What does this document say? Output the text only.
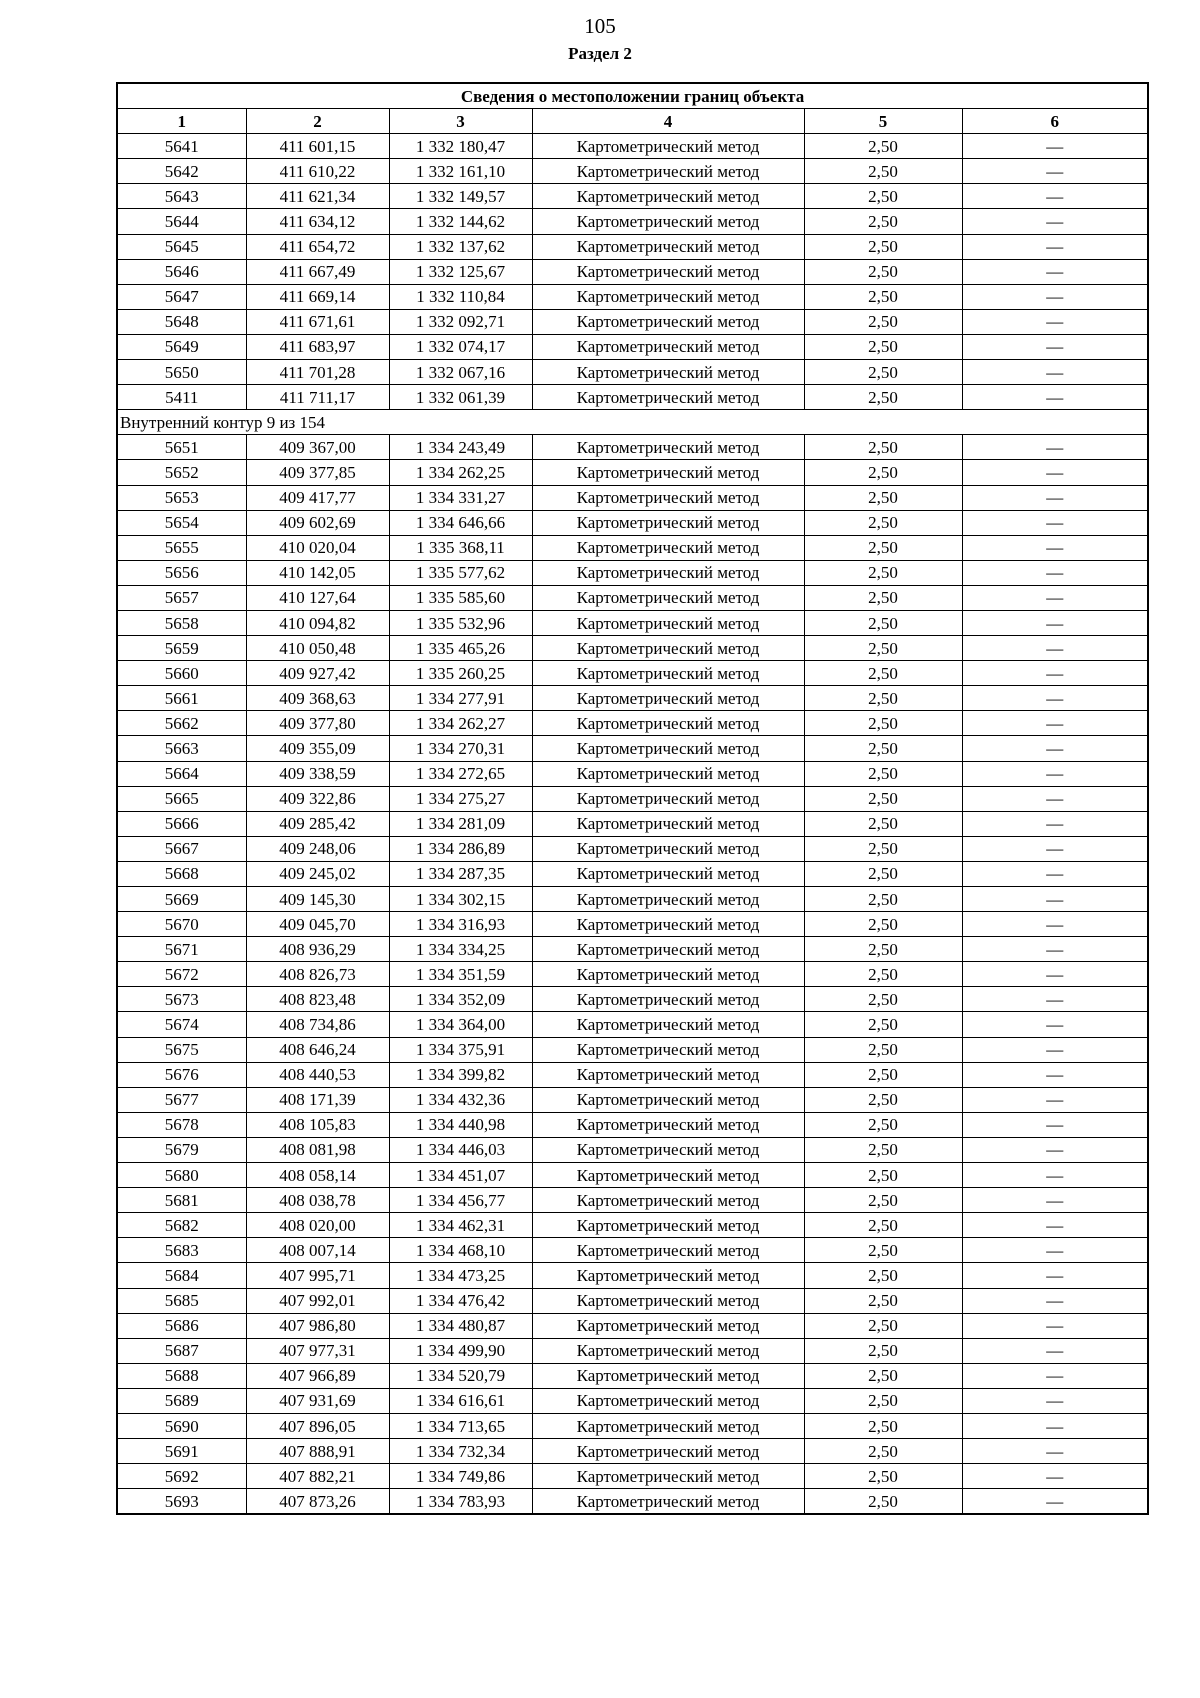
105
Раздел 2
Сведения о местоположении границ объекта					
1	2	3	4	5	6
5641	411 601,15	1 332 180,47	Картометрический метод	2,50	—
5642	411 610,22	1 332 161,10	Картометрический метод	2,50	—
5643	411 621,34	1 332 149,57	Картометрический метод	2,50	—
5644	411 634,12	1 332 144,62	Картометрический метод	2,50	—
5645	411 654,72	1 332 137,62	Картометрический метод	2,50	—
5646	411 667,49	1 332 125,67	Картометрический метод	2,50	—
5647	411 669,14	1 332 110,84	Картометрический метод	2,50	—
5648	411 671,61	1 332 092,71	Картометрический метод	2,50	—
5649	411 683,97	1 332 074,17	Картометрический метод	2,50	—
5650	411 701,28	1 332 067,16	Картометрический метод	2,50	—
5411	411 711,17	1 332 061,39	Картометрический метод	2,50	—
Внутренний контур 9 из 154					
5651	409 367,00	1 334 243,49	Картометрический метод	2,50	—
5652	409 377,85	1 334 262,25	Картометрический метод	2,50	—
5653	409 417,77	1 334 331,27	Картометрический метод	2,50	—
5654	409 602,69	1 334 646,66	Картометрический метод	2,50	—
5655	410 020,04	1 335 368,11	Картометрический метод	2,50	—
5656	410 142,05	1 335 577,62	Картометрический метод	2,50	—
5657	410 127,64	1 335 585,60	Картометрический метод	2,50	—
5658	410 094,82	1 335 532,96	Картометрический метод	2,50	—
5659	410 050,48	1 335 465,26	Картометрический метод	2,50	—
5660	409 927,42	1 335 260,25	Картометрический метод	2,50	—
5661	409 368,63	1 334 277,91	Картометрический метод	2,50	—
5662	409 377,80	1 334 262,27	Картометрический метод	2,50	—
5663	409 355,09	1 334 270,31	Картометрический метод	2,50	—
5664	409 338,59	1 334 272,65	Картометрический метод	2,50	—
5665	409 322,86	1 334 275,27	Картометрический метод	2,50	—
5666	409 285,42	1 334 281,09	Картометрический метод	2,50	—
5667	409 248,06	1 334 286,89	Картометрический метод	2,50	—
5668	409 245,02	1 334 287,35	Картометрический метод	2,50	—
5669	409 145,30	1 334 302,15	Картометрический метод	2,50	—
5670	409 045,70	1 334 316,93	Картометрический метод	2,50	—
5671	408 936,29	1 334 334,25	Картометрический метод	2,50	—
5672	408 826,73	1 334 351,59	Картометрический метод	2,50	—
5673	408 823,48	1 334 352,09	Картометрический метод	2,50	—
5674	408 734,86	1 334 364,00	Картометрический метод	2,50	—
5675	408 646,24	1 334 375,91	Картометрический метод	2,50	—
5676	408 440,53	1 334 399,82	Картометрический метод	2,50	—
5677	408 171,39	1 334 432,36	Картометрический метод	2,50	—
5678	408 105,83	1 334 440,98	Картометрический метод	2,50	—
5679	408 081,98	1 334 446,03	Картометрический метод	2,50	—
5680	408 058,14	1 334 451,07	Картометрический метод	2,50	—
5681	408 038,78	1 334 456,77	Картометрический метод	2,50	—
5682	408 020,00	1 334 462,31	Картометрический метод	2,50	—
5683	408 007,14	1 334 468,10	Картометрический метод	2,50	—
5684	407 995,71	1 334 473,25	Картометрический метод	2,50	—
5685	407 992,01	1 334 476,42	Картометрический метод	2,50	—
5686	407 986,80	1 334 480,87	Картометрический метод	2,50	—
5687	407 977,31	1 334 499,90	Картометрический метод	2,50	—
5688	407 966,89	1 334 520,79	Картометрический метод	2,50	—
5689	407 931,69	1 334 616,61	Картометрический метод	2,50	—
5690	407 896,05	1 334 713,65	Картометрический метод	2,50	—
5691	407 888,91	1 334 732,34	Картометрический метод	2,50	—
5692	407 882,21	1 334 749,86	Картометрический метод	2,50	—
5693	407 873,26	1 334 783,93	Картометрический метод	2,50	—
